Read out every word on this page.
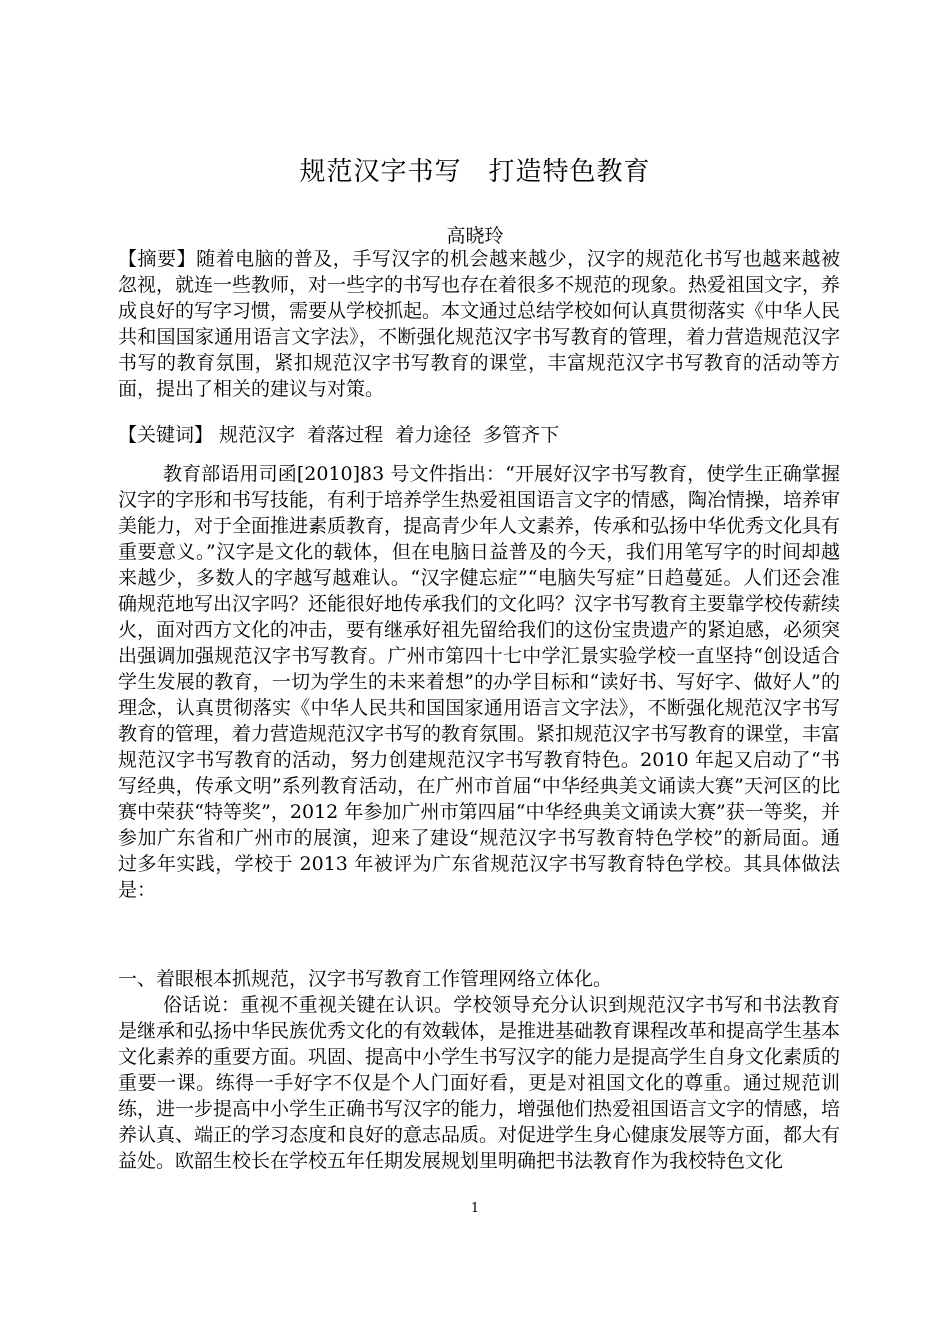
规范汉字书写　打造特色教育
高晓玲
【摘要】随着电脑的普及，手写汉字的机会越来越少，汉字的规范化书写也越来越被忽视，就连一些教师，对一些字的书写也存在着很多不规范的现象。热爱祖国文字，养成良好的写字习惯，需要从学校抓起。本文通过总结学校如何认真贯彻落实《中华人民共和国国家通用语言文字法》，不断强化规范汉字书写教育的管理，着力营造规范汉字书写的教育氛围，紧扣规范汉字书写教育的课堂，丰富规范汉字书写教育的活动等方面，提出了相关的建议与对策。
【关键词】 规范汉字  着落过程  着力途径  多管齐下
教育部语用司函[2010]83 号文件指出：“开展好汉字书写教育，使学生正确掌握汉字的字形和书写技能，有利于培养学生热爱祖国语言文字的情感，陶冶情操，培养审美能力，对于全面推进素质教育，提高青少年人文素养，传承和弘扬中华优秀文化具有重要意义。”汉字是文化的载体，但在电脑日益普及的今天，我们用笔写字的时间却越来越少，多数人的字越写越难认。“汉字健忘症”“电脑失写症”日趋蔓延。人们还会准确规范地写出汉字吗？还能很好地传承我们的文化吗？汉字书写教育主要靠学校传薪续火，面对西方文化的冲击，要有继承好祖先留给我们的这份宝贵遗产的紧迫感，必须突出强调加强规范汉字书写教育。广州市第四十七中学汇景实验学校一直坚持“创设适合学生发展的教育，一切为学生的未来着想”的办学目标和“读好书、写好字、做好人”的理念，认真贯彻落实《中华人民共和国国家通用语言文字法》，不断强化规范汉字书写教育的管理，着力营造规范汉字书写的教育氛围。紧扣规范汉字书写教育的课堂，丰富规范汉字书写教育的活动，努力创建规范汉字书写教育特色。2010 年起又启动了“书写经典，传承文明”系列教育活动，在广州市首届“中华经典美文诵读大赛”天河区的比赛中荣获“特等奖”，2012 年参加广州市第四届“中华经典美文诵读大赛”获一等奖，并参加广东省和广州市的展演，迎来了建设“规范汉字书写教育特色学校”的新局面。通过多年实践，学校于 2013 年被评为广东省规范汉字书写教育特色学校。其具体做法是：
一、着眼根本抓规范，汉字书写教育工作管理网络立体化。
俗话说：重视不重视关键在认识。学校领导充分认识到规范汉字书写和书法教育是继承和弘扬中华民族优秀文化的有效载体，是推进基础教育课程改革和提高学生基本文化素养的重要方面。巩固、提高中小学生书写汉字的能力是提高学生自身文化素质的重要一课。练得一手好字不仅是个人门面好看，更是对祖国文化的尊重。通过规范训练，进一步提高中小学生正确书写汉字的能力，增强他们热爱祖国语言文字的情感，培养认真、端正的学习态度和良好的意志品质。对促进学生身心健康发展等方面，都大有益处。欧韶生校长在学校五年任期发展规划里明确把书法教育作为我校特色文化
1
